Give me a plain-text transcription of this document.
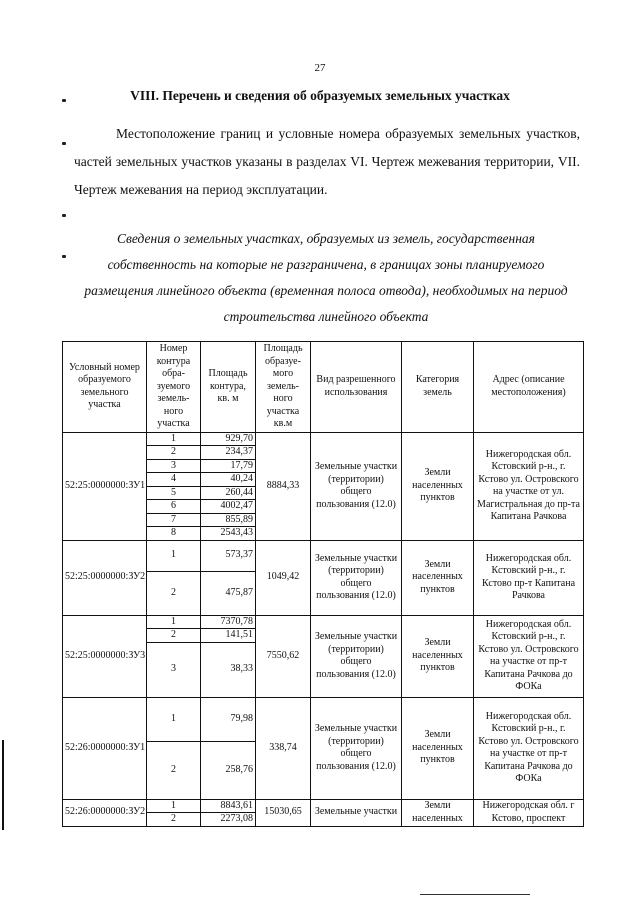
27
VIII. Перечень и сведения об образуемых земельных участках
Местоположение границ и условные номера образуемых земельных участков, частей земельных участков указаны в разделах VI. Чертеж межевания территории, VII. Чертеж межевания на период эксплуатации.
Сведения о земельных участках, образуемых из земель, государственная собственность на которые не разграничена, в границах зоны планируемого размещения линейного объекта (временная полоса отвода), необходимых на период строительства линейного объекта
Условный номер образуемого земельного участка	Номер контура обра-зуемого земель-ного участка	Площадь контура, кв. м	Площадь образуе-мого земель-ного участка кв.м	Вид разрешенного использования	Категория земель	Адрес (описание местоположения)
52:25:0000000:ЗУ1	1	929,70	8884,33	Земельные участки (территории) общего пользования (12.0)	Земли населенных пунктов	Нижегородская обл. Кстовский р-н., г. Кстово ул. Островского на участке от ул. Магистральная до пр-та Капитана Рачкова
	2	234,37				
	3	17,79				
	4	40,24				
	5	260,44				
	6	4002,47				
	7	855,89				
	8	2543,43				
52:25:0000000:ЗУ2	1	573,37	1049,42	Земельные участки (территории) общего пользования (12.0)	Земли населенных пунктов	Нижегородская обл. Кстовский р-н., г. Кстово пр-т Капитана Рачкова
	2	475,87				
52:25:0000000:ЗУ3	1	7370,78	7550,62	Земельные участки (территории) общего пользования (12.0)	Земли населенных пунктов	Нижегородская обл. Кстовский р-н., г. Кстово ул. Островского на участке от пр-т Капитана Рачкова до ФОКа
	2	141,51				
	3	38,33				
52:26:0000000:ЗУ1	1	79,98	338,74	Земельные участки (территории) общего пользования (12.0)	Земли населенных пунктов	Нижегородская обл. Кстовский р-н., г. Кстово ул. Островского на участке от пр-т Капитана Рачкова до ФОКа
	2	258,76				
52:26:0000000:ЗУ2	1	8843,61	15030,65	Земельные участки	Земли населенных	Нижегородская обл. г Кстово, проспект
	2	2273,08				
